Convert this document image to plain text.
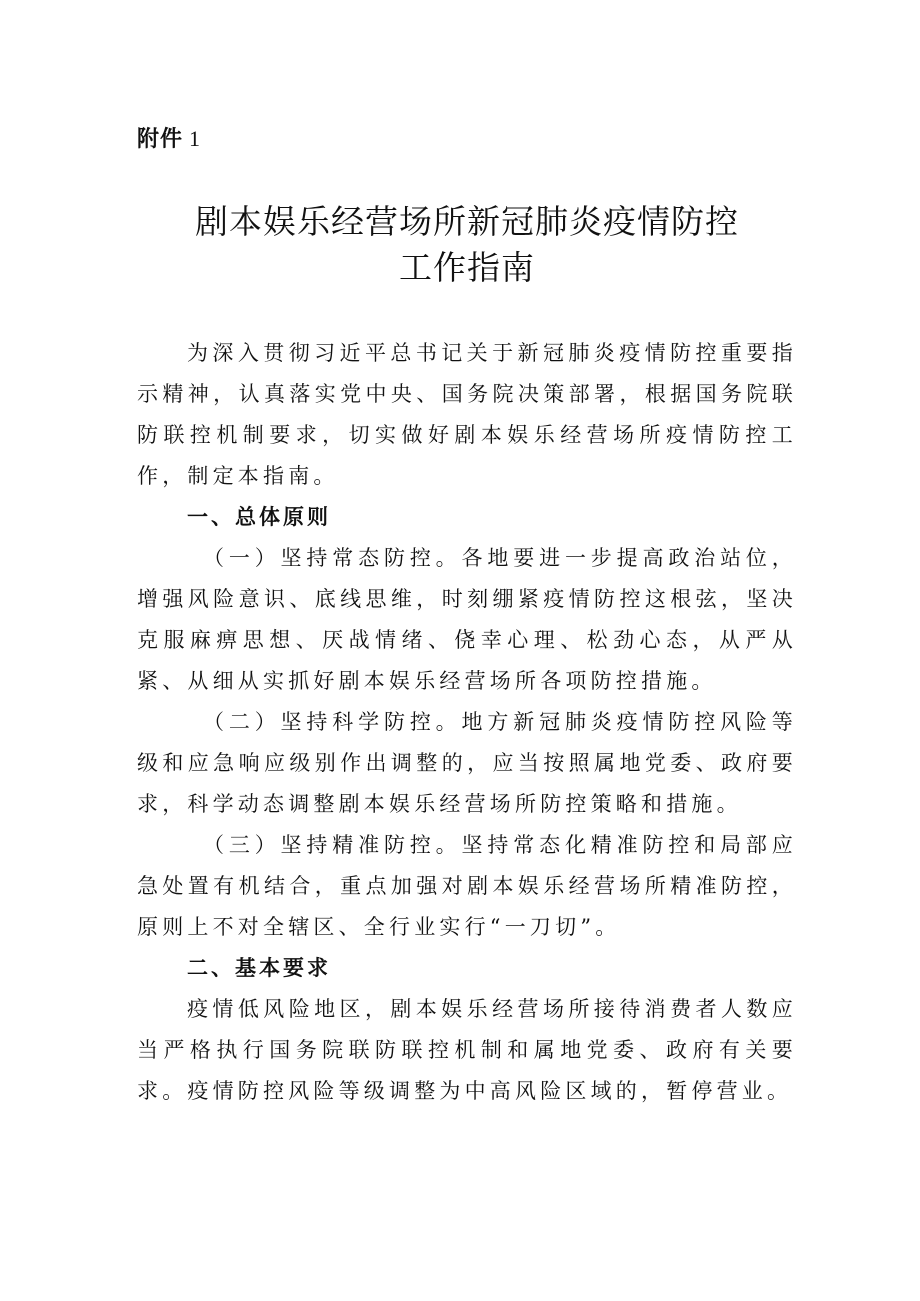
附件 1
剧本娱乐经营场所新冠肺炎疫情防控
工作指南

为深入贯彻习近平总书记关于新冠肺炎疫情防控重要指示精神，认真落实党中央、国务院决策部署，根据国务院联防联控机制要求，切实做好剧本娱乐经营场所疫情防控工作，制定本指南。

一、总体原则

（一）坚持常态防控。各地要进一步提高政治站位，增强风险意识、底线思维，时刻绷紧疫情防控这根弦，坚决克服麻痹思想、厌战情绪、侥幸心理、松劲心态，从严从紧、从细从实抓好剧本娱乐经营场所各项防控措施。

（二）坚持科学防控。地方新冠肺炎疫情防控风险等级和应急响应级别作出调整的，应当按照属地党委、政府要求，科学动态调整剧本娱乐经营场所防控策略和措施。

（三）坚持精准防控。坚持常态化精准防控和局部应急处置有机结合，重点加强对剧本娱乐经营场所精准防控，原则上不对全辖区、全行业实行“一刀切”。

二、基本要求

疫情低风险地区，剧本娱乐经营场所接待消费者人数应当严格执行国务院联防联控机制和属地党委、政府有关要求。疫情防控风险等级调整为中高风险区域的，暂停营业。
